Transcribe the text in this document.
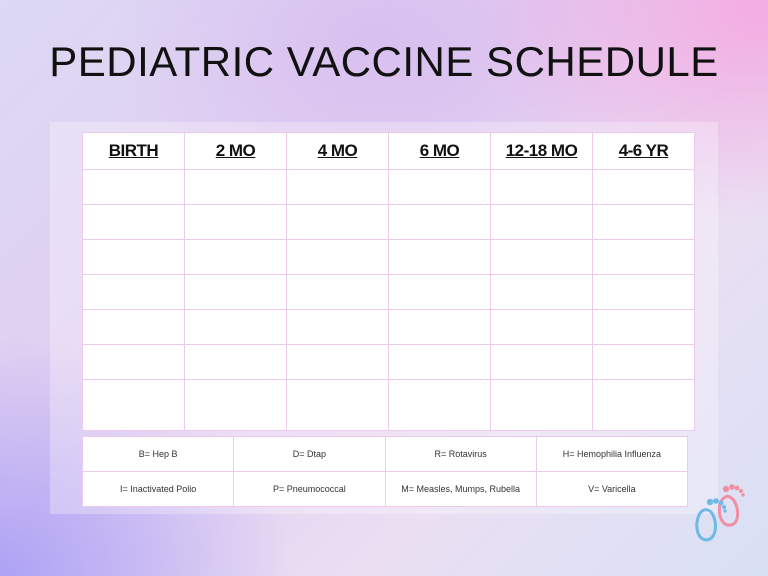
PEDIATRIC VACCINE SCHEDULE
BIRTH	2 MO	4 MO	6 MO	12-18 MO	4-6 YR

B= Hep B	D= Dtap	R= Rotavirus	H= Hemophilia Influenza
I= Inactivated Polio	P= Pneumococcal	M= Measles, Mumps, Rubella	V= Varicella
